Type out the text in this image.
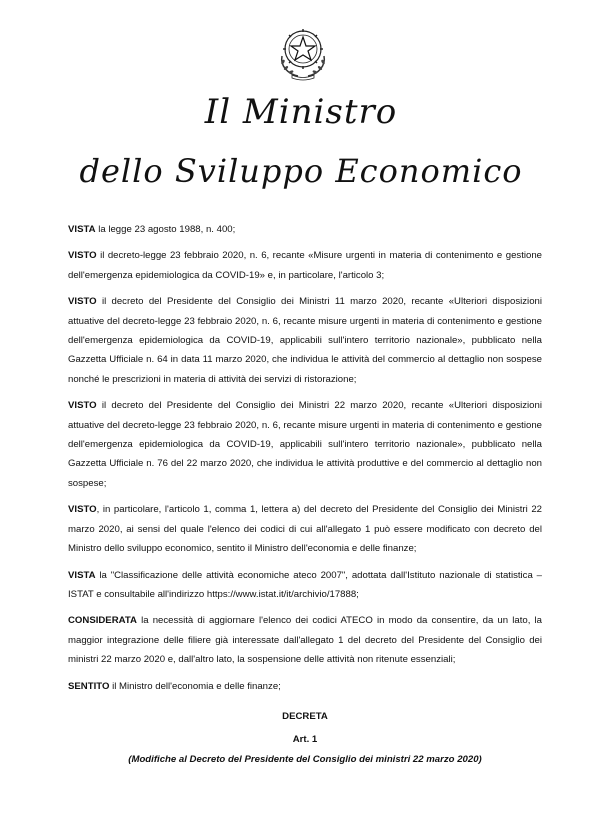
Il Ministro
dello Sviluppo Economico

VISTA la legge 23 agosto 1988, n. 400;

VISTO il decreto-legge 23 febbraio 2020, n. 6, recante «Misure urgenti in materia di contenimento e gestione dell'emergenza epidemiologica da COVID-19» e, in particolare, l'articolo 3;

VISTO il decreto del Presidente del Consiglio dei Ministri 11 marzo 2020, recante «Ulteriori disposizioni attuative del decreto-legge 23 febbraio 2020, n. 6, recante misure urgenti in materia di contenimento e gestione dell'emergenza epidemiologica da COVID-19, applicabili sull'intero territorio nazionale», pubblicato nella Gazzetta Ufficiale n. 64 in data 11 marzo 2020, che individua le attività del commercio al dettaglio non sospese nonché le prescrizioni in materia di attività dei servizi di ristorazione;

VISTO il decreto del Presidente del Consiglio dei Ministri 22 marzo 2020, recante «Ulteriori disposizioni attuative del decreto-legge 23 febbraio 2020, n. 6, recante misure urgenti in materia di contenimento e gestione dell'emergenza epidemiologica da COVID-19, applicabili sull'intero territorio nazionale», pubblicato nella Gazzetta Ufficiale n. 76 del 22 marzo 2020, che individua le attività produttive e del commercio al dettaglio non sospese;

VISTO, in particolare, l'articolo 1, comma 1, lettera a) del decreto del Presidente del Consiglio dei Ministri 22 marzo 2020, ai sensi del quale l'elenco dei codici di cui all'allegato 1 può essere modificato con decreto del Ministro dello sviluppo economico, sentito il Ministro dell'economia e delle finanze;

VISTA la "Classificazione delle attività economiche ateco 2007", adottata dall'Istituto nazionale di statistica – ISTAT e consultabile all'indirizzo https://www.istat.it/it/archivio/17888;

CONSIDERATA la necessità di aggiornare l'elenco dei codici ATECO in modo da consentire, da un lato, la maggior integrazione delle filiere già interessate dall'allegato 1 del decreto del Presidente del Consiglio dei ministri 22 marzo 2020 e, dall'altro lato, la sospensione delle attività non ritenute essenziali;

SENTITO il Ministro dell'economia e delle finanze;

DECRETA
Art. 1
(Modifiche al Decreto del Presidente del Consiglio dei ministri 22 marzo 2020)
